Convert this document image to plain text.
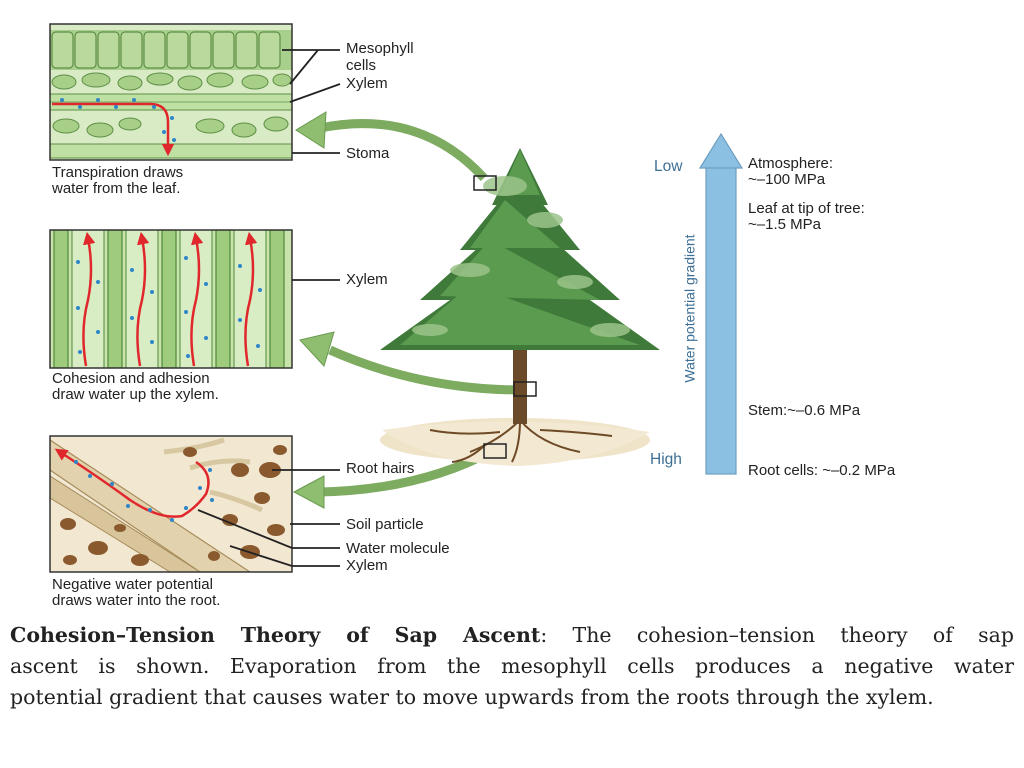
Mesophyll
cells
Xylem
Stoma
Xylem
Root hairs
Soil particle
Water molecule
Xylem
Transpiration draws
water from the leaf.
Cohesion and adhesion
draw water up the xylem.
Negative water potential
draws water into the root.
Low
High
Water potential gradient
Atmosphere:
~–100 MPa
Leaf at tip of tree:
~–1.5 MPa
Stem:~–0.6 MPa
Root cells: ~–0.2 MPa
Cohesion–Tension Theory of Sap Ascent: The cohesion–tension theory of sap
ascent is shown. Evaporation from the mesophyll cells produces a negative water
potential gradient that causes water to move upwards from the roots through the xylem.
